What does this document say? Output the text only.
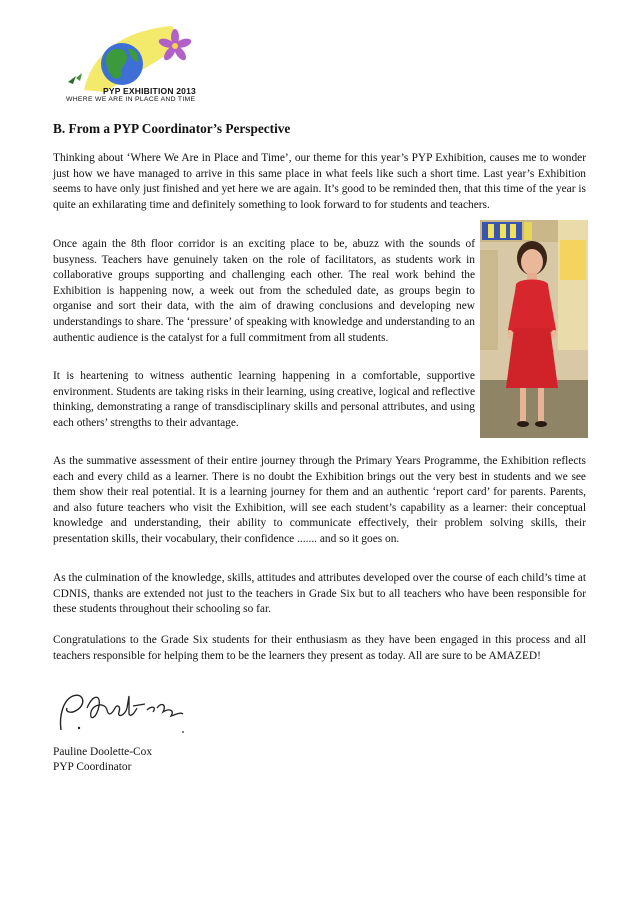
PYP EXHIBITION 2013
WHERE WE ARE IN PLACE AND TIME
B. From a PYP Coordinator’s Perspective

Thinking about ‘Where We Are in Place and Time’, our theme for this year’s PYP Exhibition, causes me to wonder just how we have managed to arrive in this same place in what feels like such a short time. Last year’s Exhibition seems to have only just finished and yet here we are again. It’s good to be reminded then, that this time of the year is quite an exhilarating time and definitely something to look forward to for students and teachers.

Once again the 8th floor corridor is an exciting place to be, abuzz with the sounds of busyness. Teachers have genuinely taken on the role of facilitators, as students work in collaborative groups supporting and challenging each other. The real work behind the Exhibition is happening now, a week out from the scheduled date, as groups begin to organise and sort their data, with the aim of drawing conclusions and developing new understandings to share. The ‘pressure’ of speaking with knowledge and understanding to an authentic audience is the catalyst for a full commitment from all students.

It is heartening to witness authentic learning happening in a comfortable, supportive environment. Students are taking risks in their learning, using creative, logical and reflective thinking, demonstrating a range of transdisciplinary skills and personal attributes, and using each others’ strengths to their advantage.

As the summative assessment of their entire journey through the Primary Years Programme, the Exhibition reflects each and every child as a learner. There is no doubt the Exhibition brings out the very best in students and we see them show their real potential. It is a learning journey for them and an authentic ‘report card’ for parents. Parents, and also future teachers who visit the Exhibition, will see each student’s capability as a learner: their conceptual knowledge and understanding, their ability to communicate effectively, their problem solving skills, their presentation skills, their vocabulary, their confidence ....... and so it goes on.

As the culmination of the knowledge, skills, attitudes and attributes developed over the course of each child’s time at CDNIS, thanks are extended not just to the teachers in Grade Six but to all teachers who have been responsible for these students throughout their schooling so far.

Congratulations to the Grade Six students for their enthusiasm as they have been engaged in this process and all teachers responsible for helping them to be the learners they present as today. All are sure to be AMAZED!

Pauline Doolette-Cox
PYP Coordinator
